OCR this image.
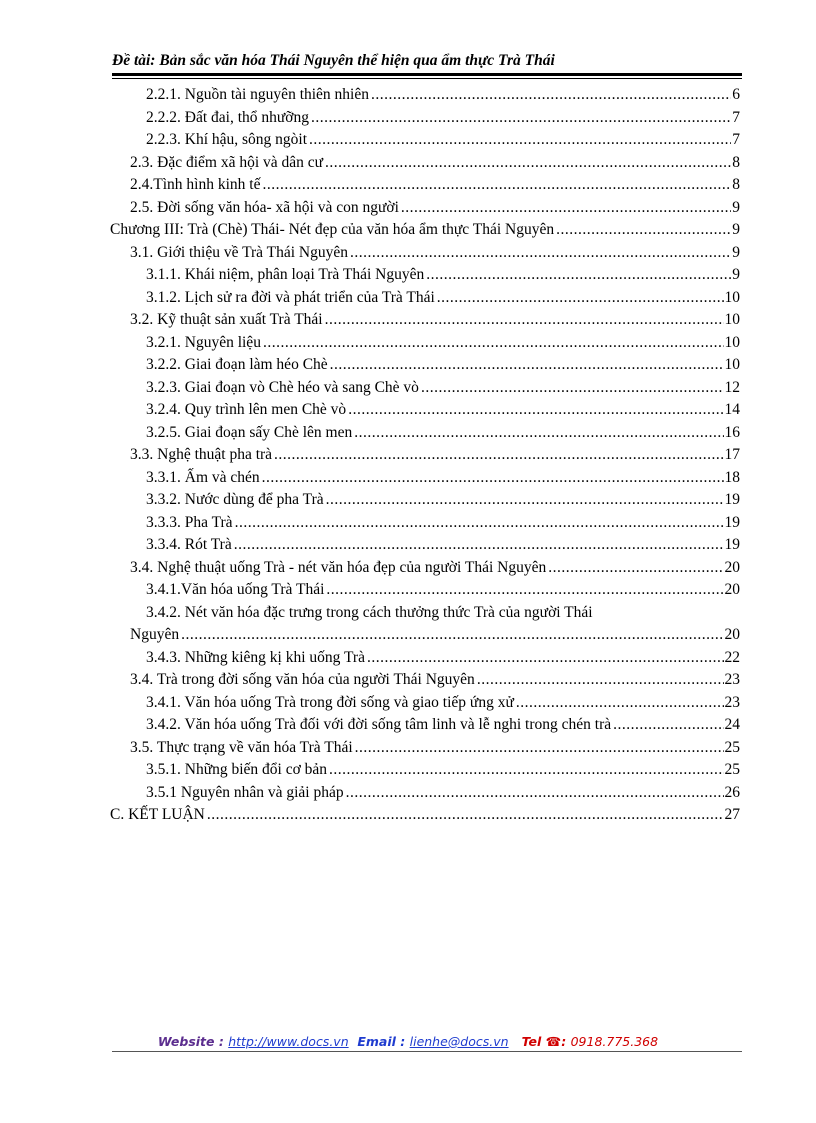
Đề tài: Bản sắc văn hóa Thái Nguyên thể hiện qua ẩm thực Trà Thái
2.2.1. Nguồn tài nguyên thiên nhiên .....	6
2.2.2. Đất đai, thổ nhưỡng .....	7
2.2.3. Khí hậu, sông ngòit .....	7
2.3. Đặc điểm xã hội và dân cư .....	8
2.4.Tình hình kinh tế .....	8
2.5. Đời sống văn hóa- xã hội và con người .....	9
Chương III: Trà (Chè) Thái- Nét đẹp của văn hóa ẩm thực Thái Nguyên .....	9
3.1. Giới thiệu về Trà Thái Nguyên .....	9
3.1.1. Khái niệm, phân loại Trà Thái Nguyên .....	9
3.1.2. Lịch sử ra đời và phát triển của Trà Thái .....	10
3.2. Kỹ thuật sản xuất Trà Thái .....	10
3.2.1. Nguyên liệu .....	10
3.2.2. Giai đoạn làm héo Chè .....	10
3.2.3. Giai đoạn vò Chè héo và sang Chè vò .....	12
3.2.4. Quy trình lên men Chè vò .....	14
3.2.5. Giai đoạn sấy Chè lên men .....	16
3.3. Nghệ thuật pha trà .....	17
3.3.1. Ấm và chén .....	18
3.3.2. Nước dùng để pha Trà .....	19
3.3.3. Pha Trà .....	19
3.3.4. Rót Trà .....	19
3.4. Nghệ thuật uống Trà - nét văn hóa đẹp của người Thái Nguyên .....	20
3.4.1.Văn hóa uống Trà Thái .....	20
3.4.2. Nét văn hóa đặc trưng trong cách thưởng thức Trà của người Thái
Nguyên .....	20
3.4.3. Những kiêng kị khi uống Trà .....	22
3.4. Trà trong đời sống văn hóa của người Thái Nguyên .....	23
3.4.1. Văn hóa uống Trà trong đời sống và giao tiếp ứng xử .....	23
3.4.2. Văn hóa uống Trà đối với đời sống tâm linh và lễ nghi trong chén trà .....	24
3.5. Thực trạng về văn hóa Trà Thái .....	25
3.5.1. Những biến đổi cơ bản .....	25
3.5.1 Nguyên nhân và giải pháp .....	26
C. KẾT LUẬN .....	27
Website : http://www.docs.vn Email : lienhe@docs.vn Tel ☎: 0918.775.368
